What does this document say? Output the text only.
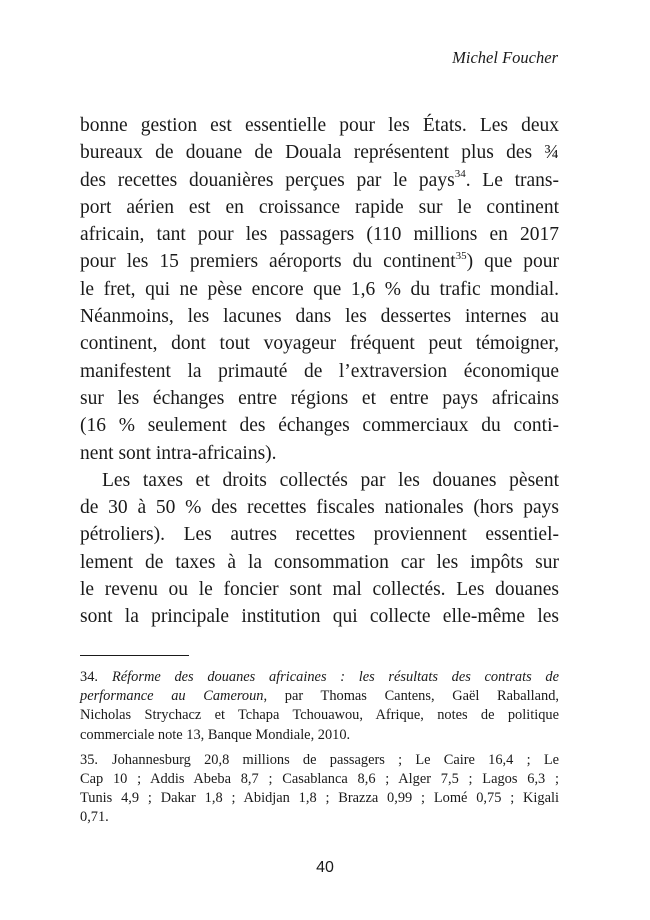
Michel Foucher
bonne gestion est essentielle pour les États. Les deux
bureaux de douane de Douala représentent plus des ¾
des recettes douanières perçues par le pays$^{34}$. Le trans-
port aérien est en croissance rapide sur le continent
africain, tant pour les passagers (110 millions en 2017
pour les 15 premiers aéroports du continent$^{35}$) que pour
le fret, qui ne pèse encore que 1,6 % du trafic mondial.
Néanmoins, les lacunes dans les dessertes internes au
continent, dont tout voyageur fréquent peut témoigner,
manifestent la primauté de l’extraversion économique
sur les échanges entre régions et entre pays africains
(16 % seulement des échanges commerciaux du conti-
nent sont intra-africains).
Les taxes et droits collectés par les douanes pèsent
de 30 à 50 % des recettes fiscales nationales (hors pays
pétroliers). Les autres recettes proviennent essentiel-
lement de taxes à la consommation car les impôts sur
le revenu ou le foncier sont mal collectés. Les douanes
sont la principale institution qui collecte elle-même les
34. Réforme des douanes africaines : les résultats des contrats de
performance au Cameroun, par Thomas Cantens, Gaël Raballand,
Nicholas Strychacz et Tchapa Tchouawou, Afrique, notes de politique
commerciale note 13, Banque Mondiale, 2010.
35. Johannesburg 20,8 millions de passagers ; Le Caire 16,4 ; Le
Cap 10 ; Addis Abeba 8,7 ; Casablanca 8,6 ; Alger 7,5 ; Lagos 6,3 ;
Tunis 4,9 ; Dakar 1,8 ; Abidjan 1,8 ; Brazza 0,99 ; Lomé 0,75 ; Kigali
0,71.
40
